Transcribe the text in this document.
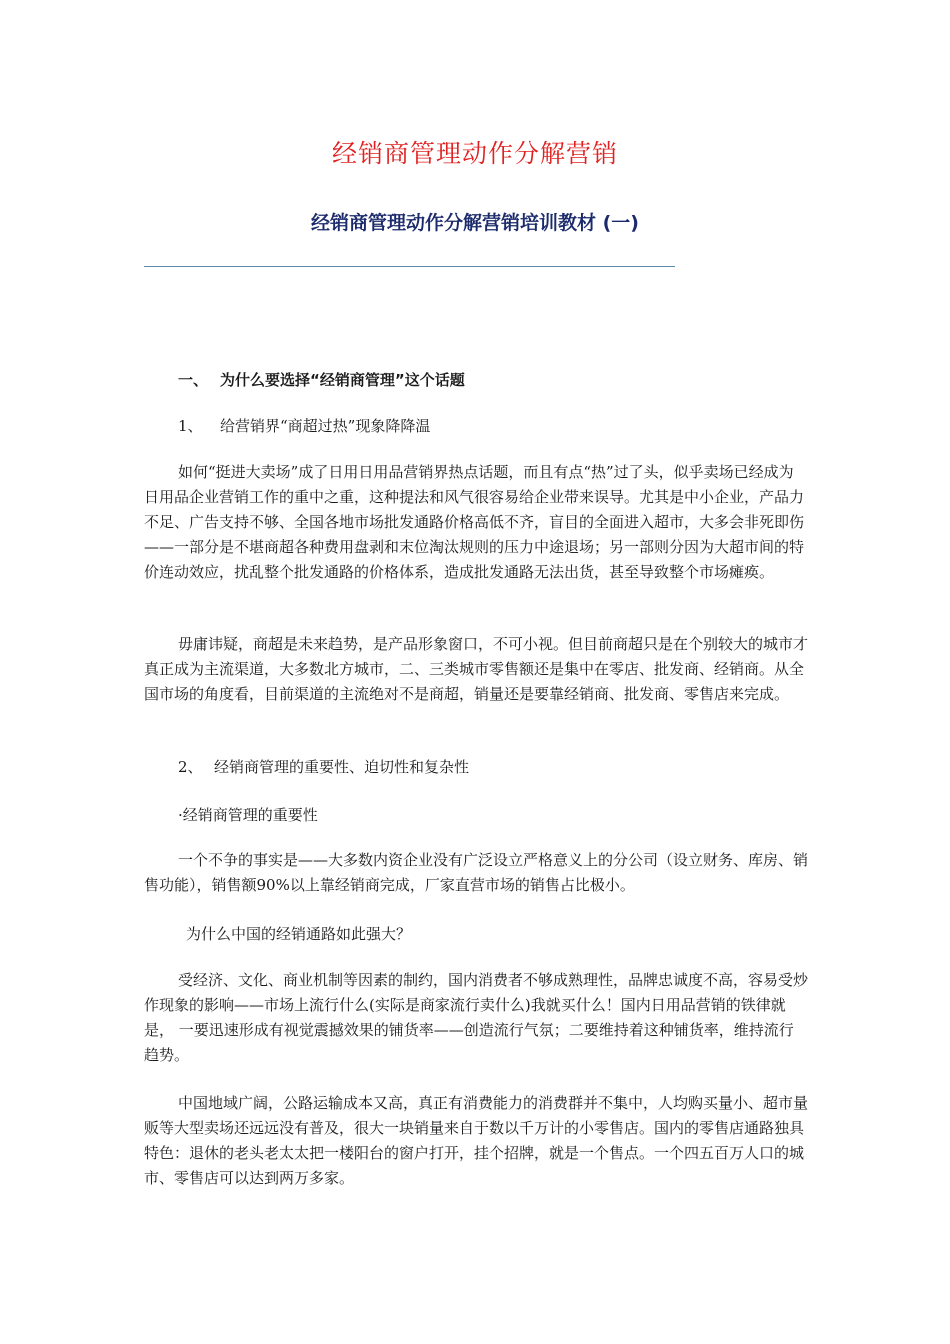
经销商管理动作分解营销
经销商管理动作分解营销培训教材 (一)
一、 为什么要选择“经销商管理”这个话题
1、 给营销界“商超过热”现象降降温
如何“挺进大卖场”成了日用日用品营销界热点话题，而且有点“热”过了头，似乎卖场已经成为日用品企业营销工作的重中之重，这种提法和风气很容易给企业带来误导。尤其是中小企业，产品力不足、广告支持不够、全国各地市场批发通路价格高低不齐，盲目的全面进入超市，大多会非死即伤——一部分是不堪商超各种费用盘剥和末位淘汰规则的压力中途退场；另一部则分因为大超市间的特价连动效应，扰乱整个批发通路的价格体系，造成批发通路无法出货，甚至导致整个市场瘫痪。
毋庸讳疑，商超是未来趋势，是产品形象窗口，不可小视。但目前商超只是在个别较大的城市才真正成为主流渠道，大多数北方城市，二、三类城市零售额还是集中在零店、批发商、经销商。从全国市场的角度看，目前渠道的主流绝对不是商超，销量还是要靠经销商、批发商、零售店来完成。
2、 经销商管理的重要性、迫切性和复杂性
·经销商管理的重要性
一个不争的事实是——大多数内资企业没有广泛设立严格意义上的分公司（设立财务、库房、销售功能），销售额90%以上靠经销商完成，厂家直营市场的销售占比极小。
为什么中国的经销通路如此强大？
受经济、文化、商业机制等因素的制约，国内消费者不够成熟理性，品牌忠诚度不高，容易受炒作现象的影响——市场上流行什么(实际是商家流行卖什么)我就买什么！国内日用品营销的铁律就是， 一要迅速形成有视觉震撼效果的铺货率——创造流行气氛；二要维持着这种铺货率，维持流行趋势。
中国地域广阔，公路运输成本又高，真正有消费能力的消费群并不集中，人均购买量小、超市量贩等大型卖场还远远没有普及，很大一块销量来自于数以千万计的小零售店。国内的零售店通路独具特色：退休的老头老太太把一楼阳台的窗户打开，挂个招牌，就是一个售点。一个四五百万人口的城市、零售店可以达到两万多家。
